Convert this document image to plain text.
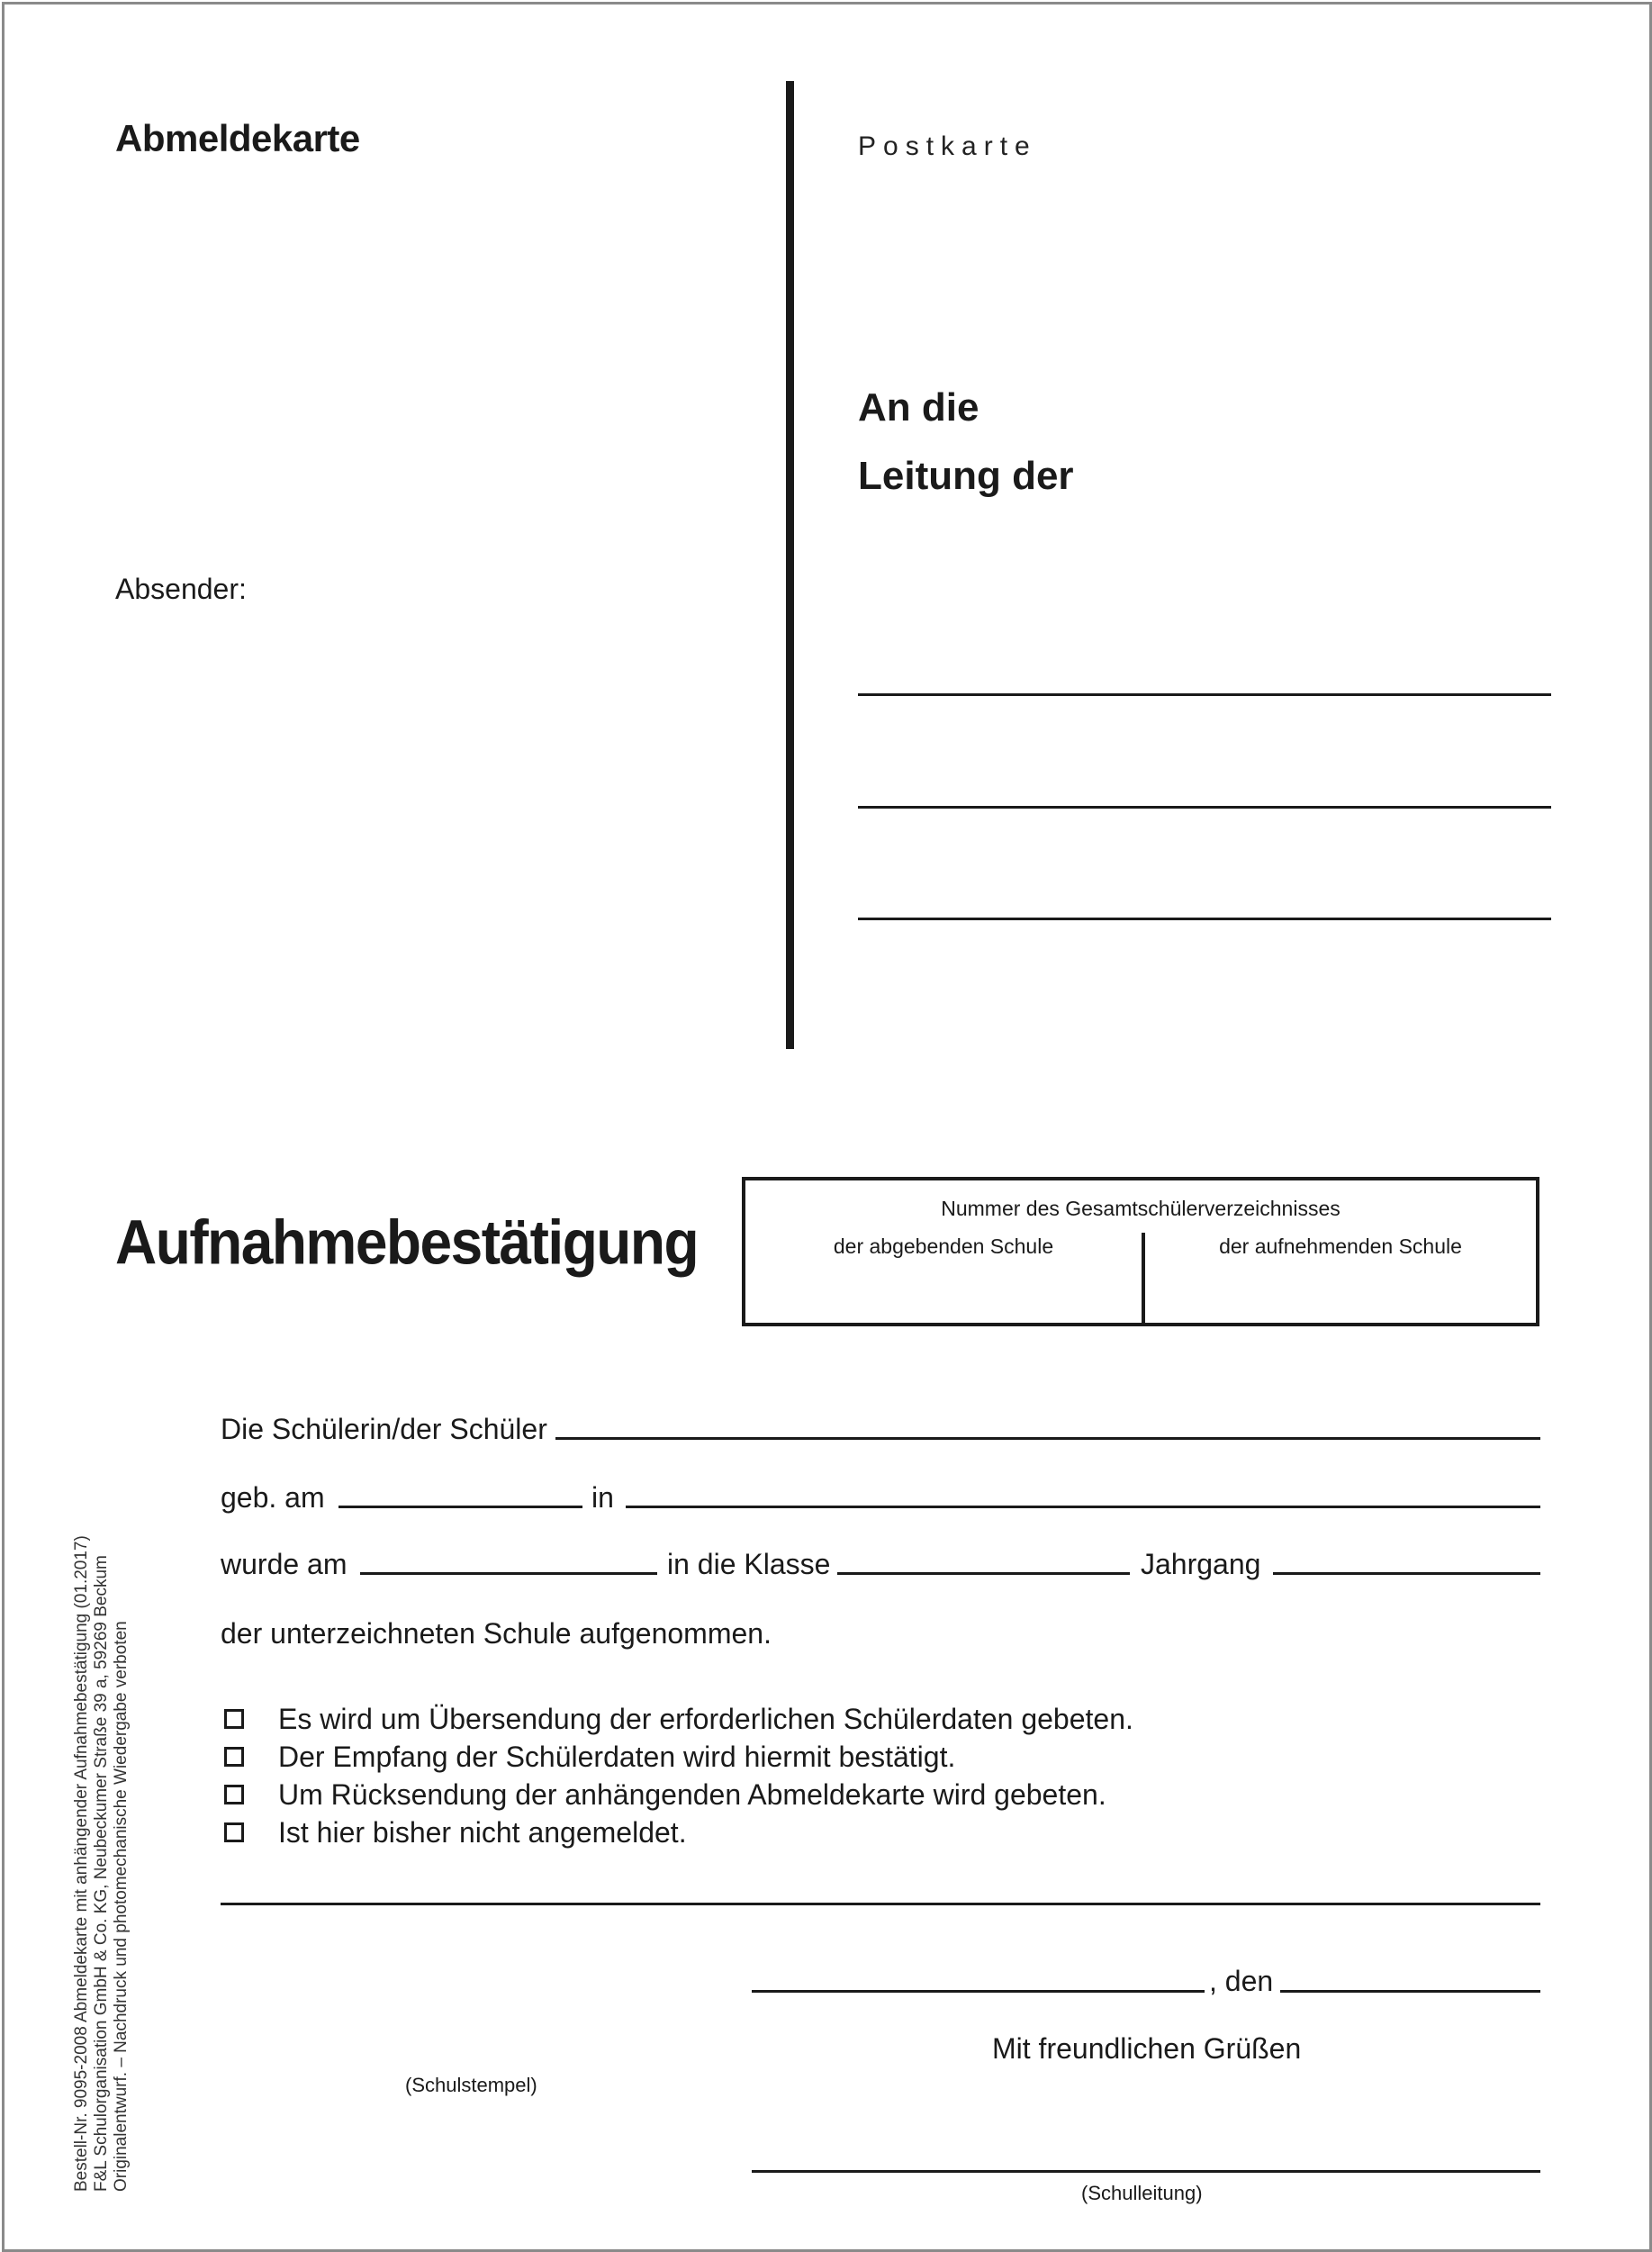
Abmeldekarte	Postkarte
An die
Leitung der
Absender:
Aufnahmebestätigung	Nummer des Gesamtschülerverzeichnisses
der abgebenden Schule	der aufnehmenden Schule
Die Schülerin/der Schüler
geb. am	in
wurde am	in die Klasse	Jahrgang
der unterzeichneten Schule aufgenommen.
Es wird um Übersendung der erforderlichen Schülerdaten gebeten.
Der Empfang der Schülerdaten wird hiermit bestätigt.
Um Rücksendung der anhängenden Abmeldekarte wird gebeten.
Ist hier bisher nicht angemeldet.
, den
Mit freundlichen Grüßen
(Schulstempel)
(Schulleitung)
Bestell-Nr. 9095-2008 Abmeldekarte mit anhängender Aufnahmebestätigung (01.2017) F&L Schulorganisation GmbH & Co. KG, Neubeckumer Straße 39 a, 59269 Beckum Originalentwurf. – Nachdruck und photomechanische Wiedergabe verboten
